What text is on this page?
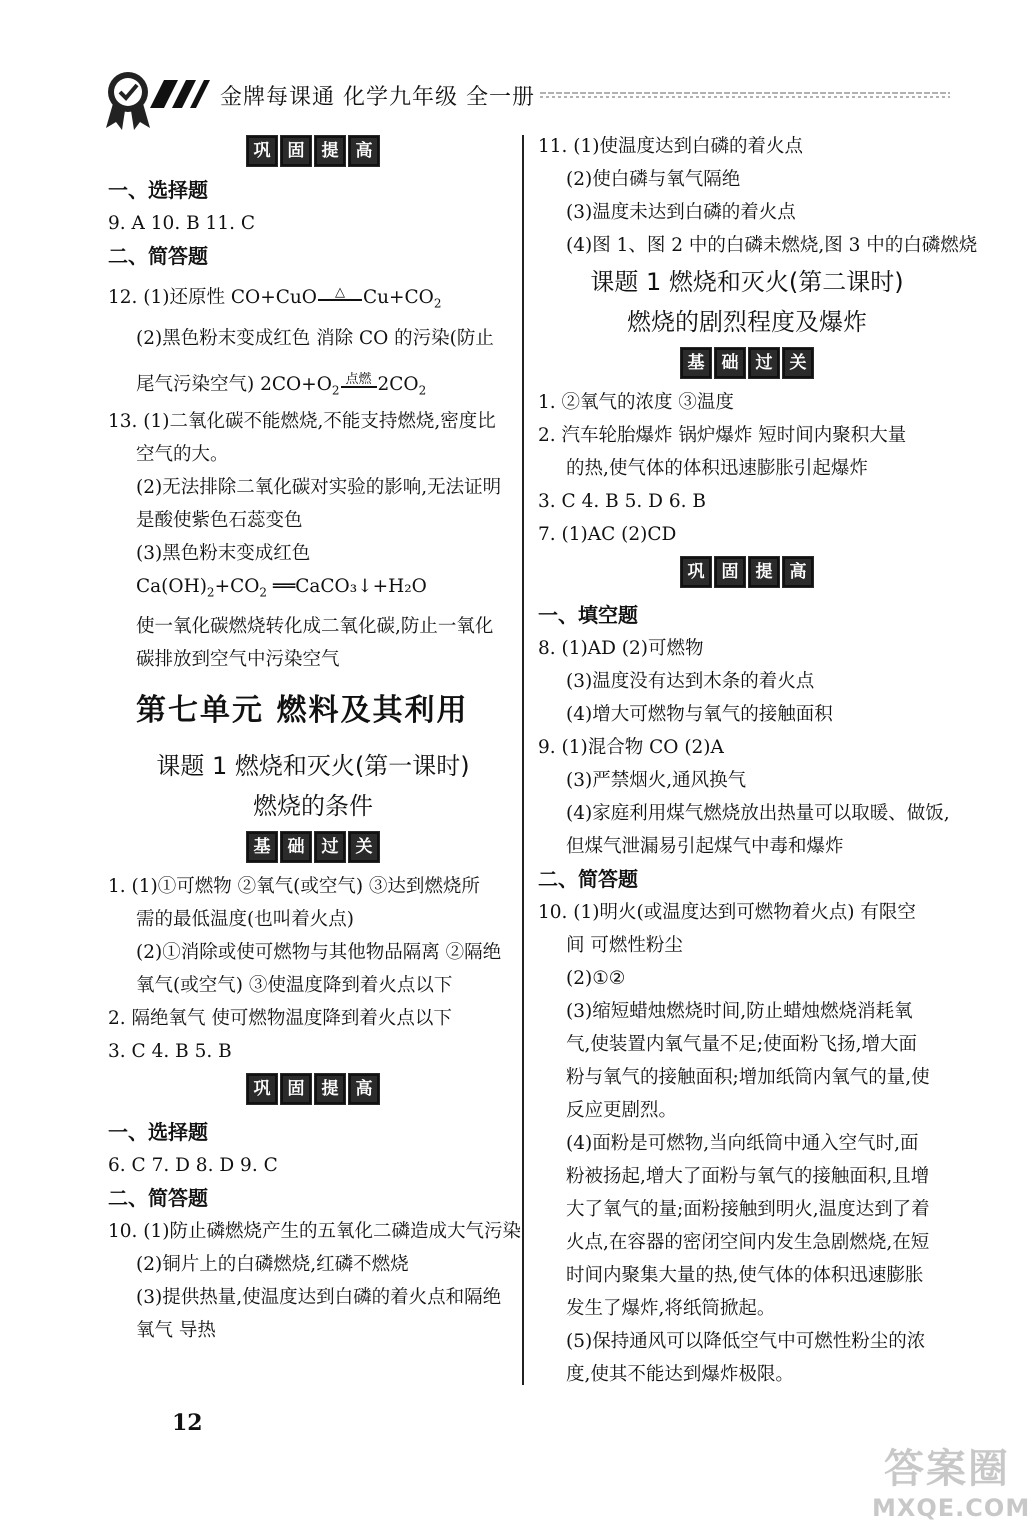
金牌每课通 化学九年级 全一册
巩 固 提 高

一、选择题

9. A 10. B 11. C

二、简答题

12. (1)还原性 CO+CuO	△ $Cu+CO_2$

(2)黑色粉末变成红色 消除 CO 的污染(防止

尾气污染空气) $2CO+O_2$
点燃 $2CO_2$

13. (1)二氧化碳不能燃烧,不能支持燃烧,密度比

空气的大。

(2)无法排除二氧化碳对实验的影响,无法证明

是酸使紫色石蕊变色

(3)黑色粉末变成红色

$Ca(OH)_2+CO_2$ ══CaCO₃↓+H₂O

使一氧化碳燃烧转化成二氧化碳,防止一氧化

碳排放到空气中污染空气

第七单元 燃料及其利用
课题 1 燃烧和灭火(第一课时)
燃烧的条件
基 础 过 关

1. (1)①可燃物 ②氧气(或空气) ③达到燃烧所

需的最低温度(也叫着火点)

(2)①消除或使可燃物与其他物品隔离 ②隔绝

氧气(或空气) ③使温度降到着火点以下

2. 隔绝氧气 使可燃物温度降到着火点以下

3. C 4. B 5. B

巩 固 提 高

一、选择题

6. C 7. D 8. D 9. C

二、简答题

10. (1)防止磷燃烧产生的五氧化二磷造成大气污染

(2)铜片上的白磷燃烧,红磷不燃烧

(3)提供热量,使温度达到白磷的着火点和隔绝

氧气 导热

11. (1)使温度达到白磷的着火点

(2)使白磷与氧气隔绝

(3)温度未达到白磷的着火点

(4)图 1、图 2 中的白磷未燃烧,图 3 中的白磷燃烧

课题 1 燃烧和灭火(第二课时)
燃烧的剧烈程度及爆炸
基 础 过 关

1. ②氧气的浓度 ③温度

2. 汽车轮胎爆炸 锅炉爆炸 短时间内聚积大量

的热,使气体的体积迅速膨胀引起爆炸

3. C 4. B 5. D 6. B

7. (1)AC (2)CD

巩 固 提 高

一、填空题

8. (1)AD (2)可燃物

(3)温度没有达到木条的着火点

(4)增大可燃物与氧气的接触面积

9. (1)混合物 CO (2)A

(3)严禁烟火,通风换气

(4)家庭利用煤气燃烧放出热量可以取暖、做饭,

但煤气泄漏易引起煤气中毒和爆炸

二、简答题

10. (1)明火(或温度达到可燃物着火点) 有限空

间 可燃性粉尘

(2)①②

(3)缩短蜡烛燃烧时间,防止蜡烛燃烧消耗氧

气,使装置内氧气量不足;使面粉飞扬,增大面

粉与氧气的接触面积;增加纸筒内氧气的量,使

反应更剧烈。

(4)面粉是可燃物,当向纸筒中通入空气时,面

粉被扬起,增大了面粉与氧气的接触面积,且增

大了氧气的量;面粉接触到明火,温度达到了着

火点,在容器的密闭空间内发生急剧燃烧,在短

时间内聚集大量的热,使气体的体积迅速膨胀

发生了爆炸,将纸筒掀起。

(5)保持通风可以降低空气中可燃性粉尘的浓

度,使其不能达到爆炸极限。

12
答案圈
MXQE.COM
